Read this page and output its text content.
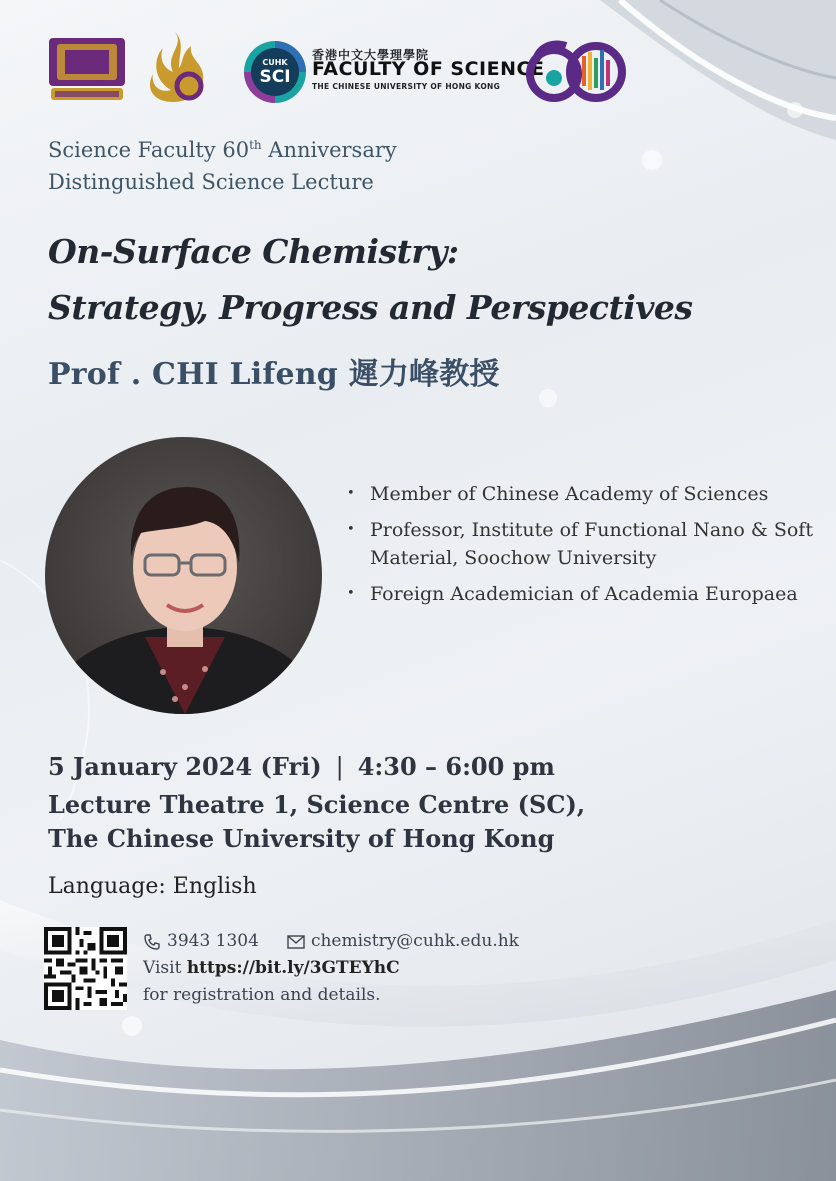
CUHK
SCI
香港中文大學理學院
FACULTY OF SCIENCE
THE CHINESE UNIVERSITY OF HONG KONG
Science Faculty 60th Anniversary
Distinguished Science Lecture
On-Surface Chemistry:
Strategy, Progress and Perspectives
Prof . CHI Lifeng 遲力峰教授
• Member of Chinese Academy of Sciences
• Professor, Institute of Functional Nano & Soft Material, Soochow University
• Foreign Academician of Academia Europaea
5 January 2024 (Fri) | 4:30 – 6:00 pm
Lecture Theatre 1, Science Centre (SC),
The Chinese University of Hong Kong
Language: English
3943 1304	chemistry@cuhk.edu.hk
Visit https://bit.ly/3GTEYhC
for registration and details.
